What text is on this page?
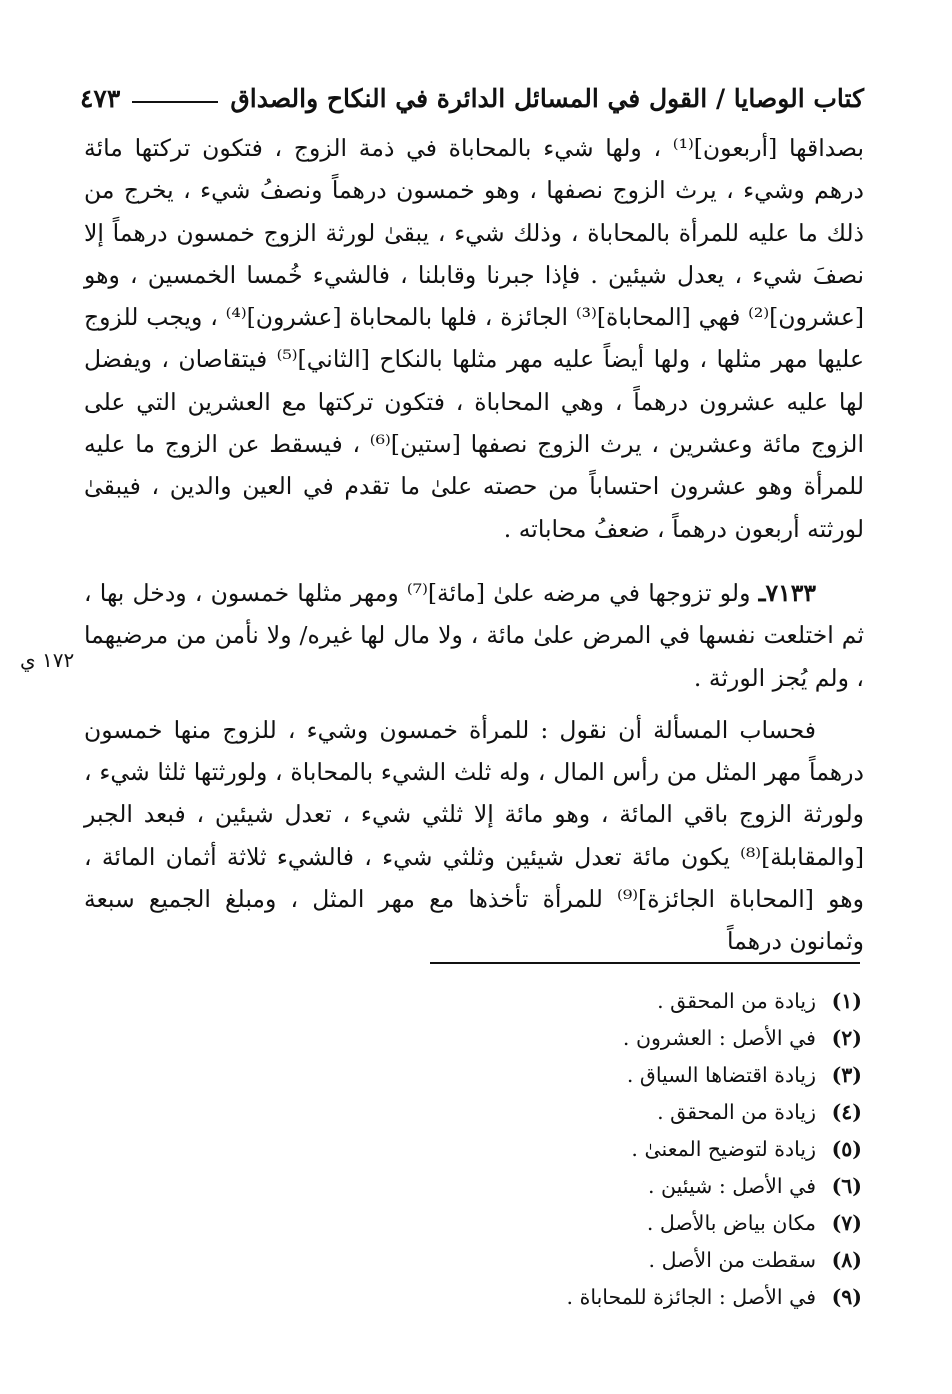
كتاب الوصايا / القول في المسائل الدائرة في النكاح والصداق
٤٧٣

بصداقها [أربعون]⁽¹⁾ ، ولها شيء بالمحاباة في ذمة الزوج ، فتكون تركتها مائة درهم وشيء ، يرث الزوج نصفها ، وهو خمسون درهماً ونصفُ شيء ، يخرج من ذلك ما عليه للمرأة بالمحاباة ، وذلك شيء ، يبقىٰ لورثة الزوج خمسون درهماً إلا نصفَ شيء ، يعدل شيئين . فإذا جبرنا وقابلنا ، فالشيء خُمسا الخمسين ، وهو [عشرون]⁽²⁾ فهي [المحاباة]⁽³⁾ الجائزة ، فلها بالمحاباة [عشرون]⁽⁴⁾ ، ويجب للزوج عليها مهر مثلها ، ولها أيضاً عليه مهر مثلها بالنكاح [الثاني]⁽⁵⁾ فيتقاصان ، ويفضل لها عليه عشرون درهماً ، وهي المحاباة ، فتكون تركتها مع العشرين التي على الزوج مائة وعشرين ، يرث الزوج نصفها [ستين]⁽⁶⁾ ، فيسقط عن الزوج ما عليه للمرأة وهو عشرون احتساباً من حصته علىٰ ما تقدم في العين والدين ، فيبقىٰ لورثته أربعون درهماً ، ضعفُ محاباته .

٧١٣٣ـ ولو تزوجها في مرضه علىٰ [مائة]⁽⁷⁾ ومهر مثلها خمسون ، ودخل بها ، ثم اختلعت نفسها في المرض علىٰ مائة ، ولا مال لها غيره/ ولا نأمن من مرضيهما ، ولم يُجز الورثة .

فحساب المسألة أن نقول : للمرأة خمسون وشيء ، للزوج منها خمسون درهماً مهر المثل من رأس المال ، وله ثلث الشيء بالمحاباة ، ولورثتها ثلثا شيء ، ولورثة الزوج باقي المائة ، وهو مائة إلا ثلثي شيء ، تعدل شيئين ، فبعد الجبر [والمقابلة]⁽⁸⁾ يكون مائة تعدل شيئين وثلثي شيء ، فالشيء ثلاثة أثمان المائة ، وهو [المحاباة الجائزة]⁽⁹⁾ للمرأة تأخذها مع مهر المثل ، ومبلغ الجميع سبعة وثمانون درهماً

١٧٢ ي
(١)
زيادة من المحقق .
(٢)
في الأصل : العشرون .
(٣)
زيادة اقتضاها السياق .
(٤)
زيادة من المحقق .
(٥)
زيادة لتوضيح المعنىٰ .
(٦)
في الأصل : شيئين .
(٧)
مكان بياض بالأصل .
(٨)
سقطت من الأصل .
(٩)
في الأصل : الجائزة للمحاباة .
